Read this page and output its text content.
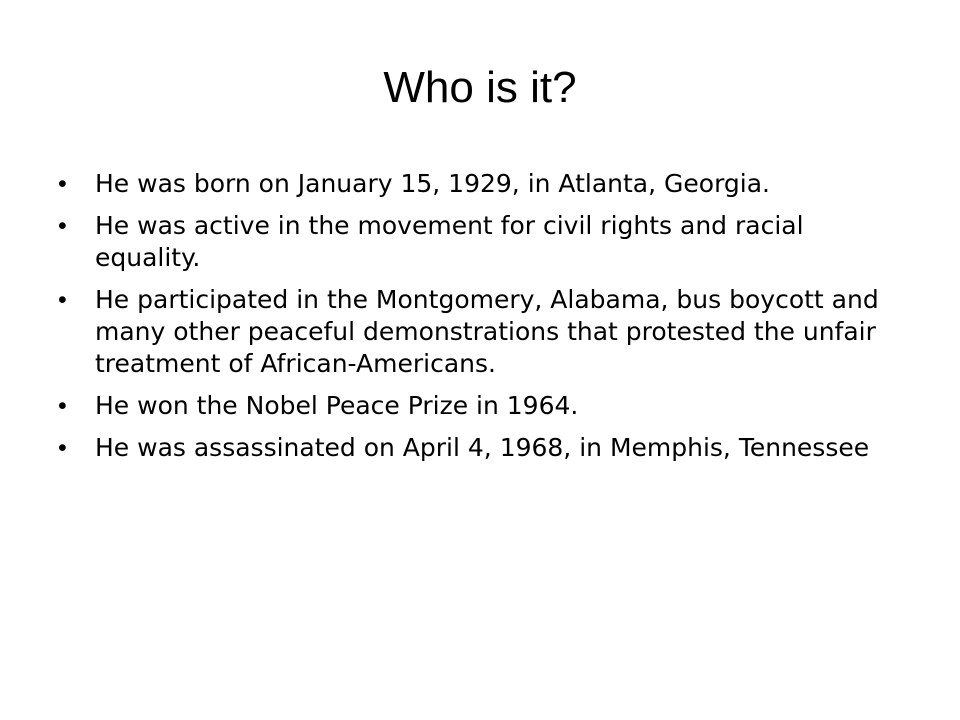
Who is it?
•	He was born on January 15, 1929, in Atlanta, Georgia.
•	He was active in the movement for civil rights and racial equality.
•	He participated in the Montgomery, Alabama, bus boycott and many other peaceful demonstrations that protested the unfair treatment of African-Americans.
•	He won the Nobel Peace Prize in 1964.
•	He was assassinated on April 4, 1968, in Memphis, Tennessee
